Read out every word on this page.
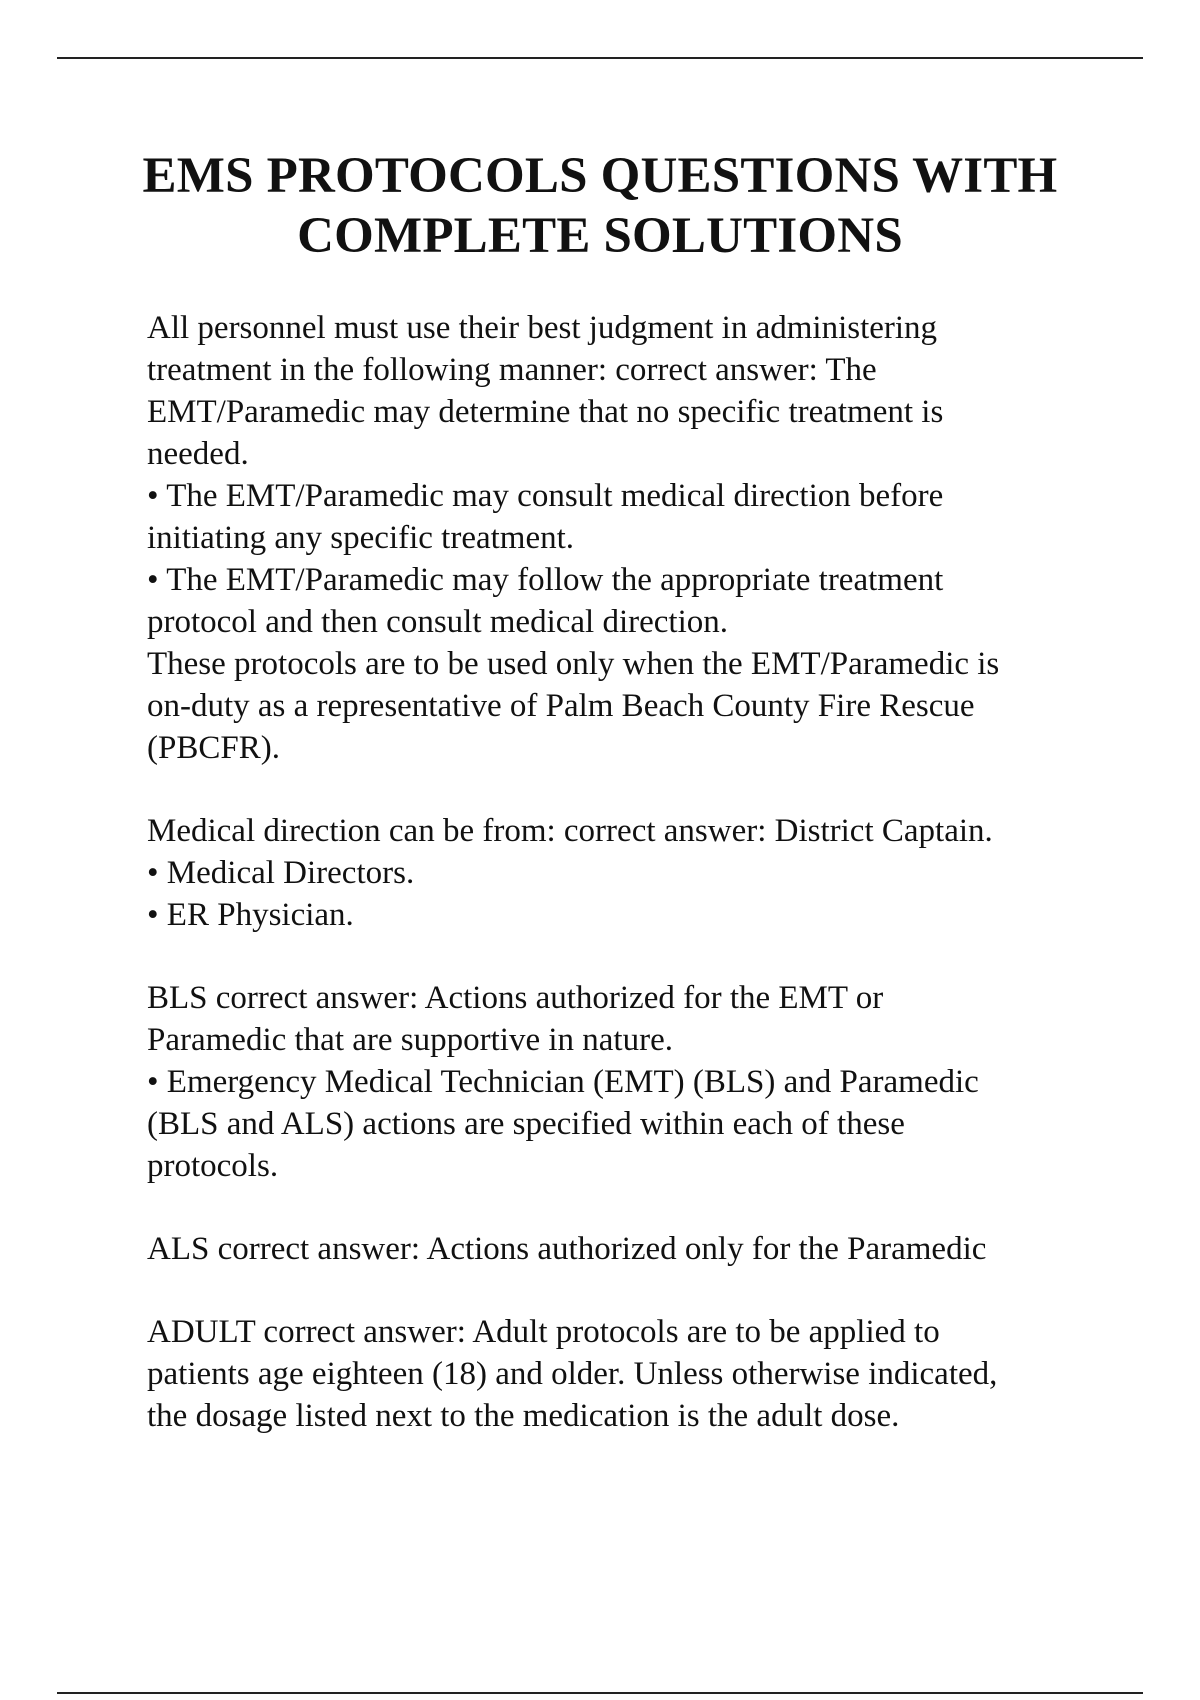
EMS PROTOCOLS QUESTIONS WITH
COMPLETE SOLUTIONS
All personnel must use their best judgment in administering
treatment in the following manner: correct answer: The
EMT/Paramedic may determine that no specific treatment is
needed.
• The EMT/Paramedic may consult medical direction before
initiating any specific treatment.
• The EMT/Paramedic may follow the appropriate treatment
protocol and then consult medical direction.
These protocols are to be used only when the EMT/Paramedic is
on-duty as a representative of Palm Beach County Fire Rescue
(PBCFR).
Medical direction can be from: correct answer: District Captain.
• Medical Directors.
• ER Physician.
BLS correct answer: Actions authorized for the EMT or
Paramedic that are supportive in nature.
• Emergency Medical Technician (EMT) (BLS) and Paramedic
(BLS and ALS) actions are specified within each of these
protocols.
ALS correct answer: Actions authorized only for the Paramedic
ADULT correct answer: Adult protocols are to be applied to
patients age eighteen (18) and older. Unless otherwise indicated,
the dosage listed next to the medication is the adult dose.
